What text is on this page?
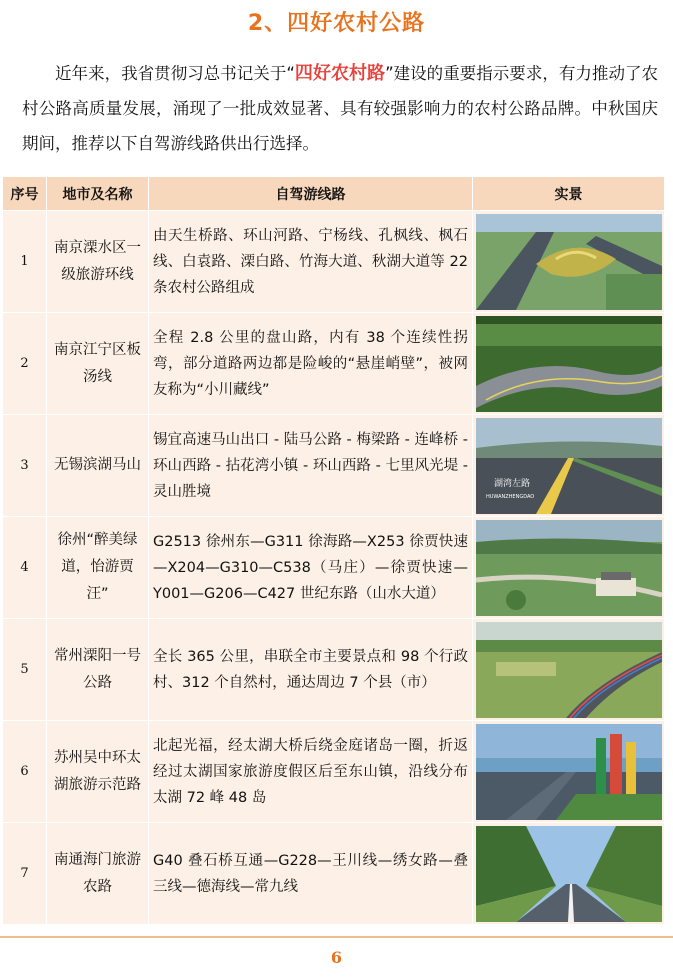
2、四好农村公路
近年来，我省贯彻习总书记关于“四好农村路”建设的重要指示要求，有力推动了农村公路高质量发展，涌现了一批成效显著、具有较强影响力的农村公路品牌。中秋国庆期间，推荐以下自驾游线路供出行选择。
序号	地市及名称	自驾游线路	实景
1	南京溧水区一级旅游环线	由天生桥路、环山河路、宁杨线、孔枫线、枫石线、白袁路、溧白路、竹海大道、秋湖大道等 22 条农村公路组成	

2	南京江宁区板汤线	全程 2.8 公里的盘山路，内有 38 个连续性拐弯，部分道路两边都是险峻的“悬崖峭壁”，被网友称为“小川藏线”	

3	无锡滨湖马山	锡宜高速马山出口 - 陆马公路 - 梅梁路 - 连峰桥 - 环山西路 - 拈花湾小镇 - 环山西路 - 七里风光堤 - 灵山胜境	湖湾左路
HUWANZHENGDAO

4	徐州“醉美绿道，怡游贾汪”	G2513 徐州东—G311 徐海路—X253 徐贾快速—X204—G310—C538（马庄）—徐贾快速—Y001—G206—C427 世纪东路（山水大道）	

5	常州溧阳一号公路	全长 365 公里，串联全市主要景点和 98 个行政村、312 个自然村，通达周边 7 个县（市）	

6	苏州吴中环太湖旅游示范路	北起光福，经太湖大桥后绕金庭诸岛一圈，折返经过太湖国家旅游度假区后至东山镇，沿线分布太湖 72 峰 48 岛	

7	南通海门旅游农路	G40 叠石桥互通—G228—王川线—绣女路—叠三线—德海线—常九线	
6
